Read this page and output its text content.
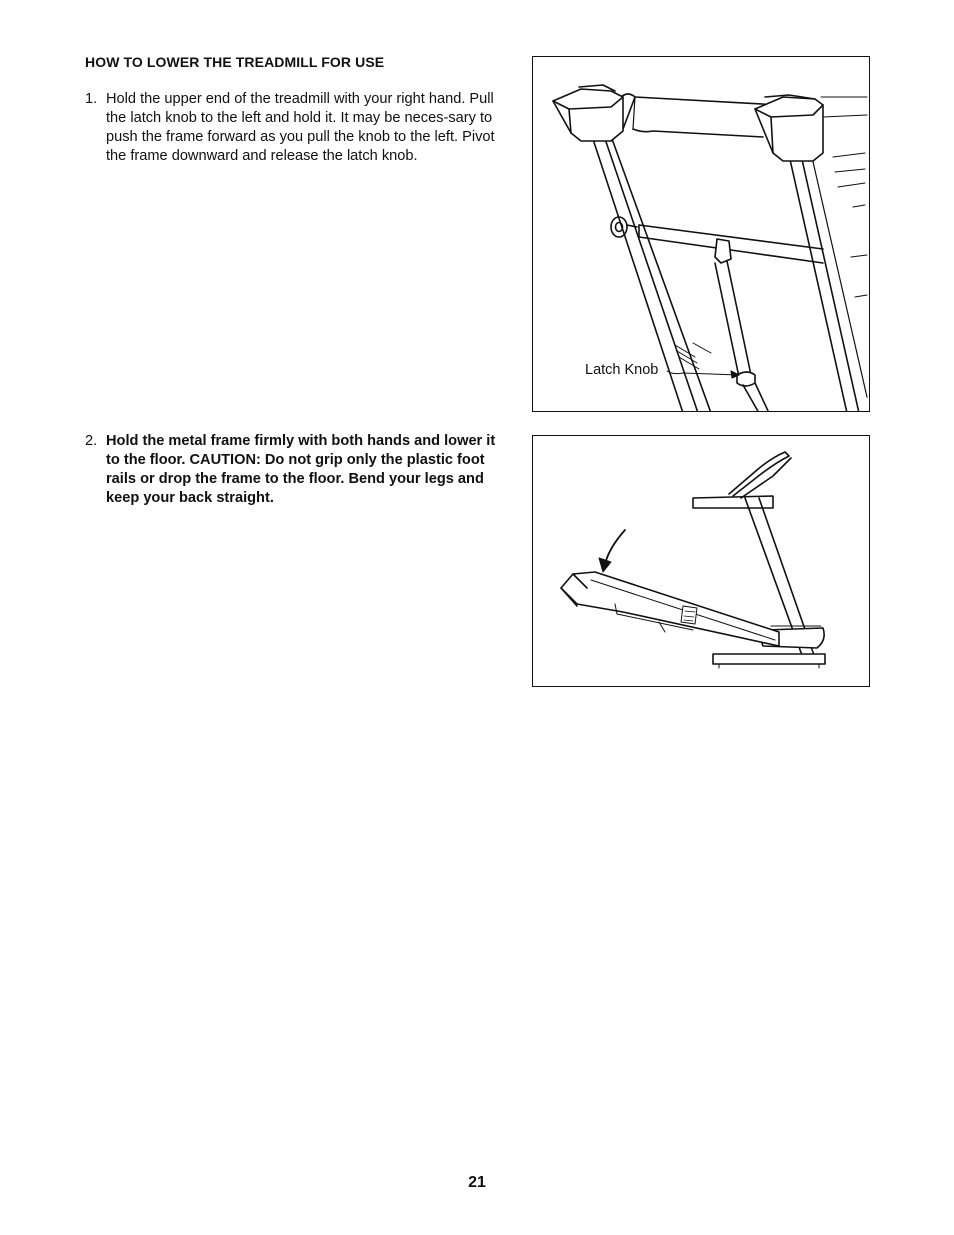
HOW TO LOWER THE TREADMILL FOR USE
1. Hold the upper end of the treadmill with your right hand. Pull the latch knob to the left and hold it. It may be neces-sary to push the frame forward as you pull the knob to the left. Pivot the frame downward and release the latch knob.
Latch Knob
2. Hold the metal frame firmly with both hands and lower it to the floor. CAUTION: Do not grip only the plastic foot rails or drop the frame to the floor. Bend your legs and keep your back straight.
21
